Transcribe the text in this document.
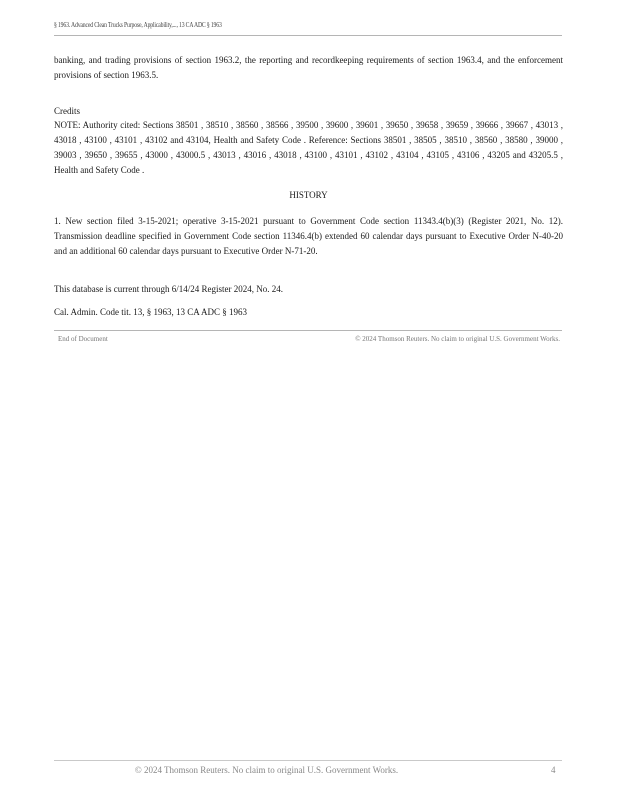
§ 1963. Advanced Clean Trucks Purpose, Applicability,..., 13 CA ADC § 1963

banking, and trading provisions of section 1963.2, the reporting and recordkeeping requirements of section 1963.4, and the enforcement provisions of section 1963.5.

Credits

NOTE: Authority cited: Sections 38501 , 38510 , 38560 , 38566 , 39500 , 39600 , 39601 , 39650 , 39658 , 39659 , 39666 , 39667 , 43013 , 43018 , 43100 , 43101 , 43102 and 43104, Health and Safety Code . Reference: Sections 38501 , 38505 , 38510 , 38560 , 38580 , 39000 , 39003 , 39650 , 39655 , 43000 , 43000.5 , 43013 , 43016 , 43018 , 43100 , 43101 , 43102 , 43104 , 43105 , 43106 , 43205 and 43205.5 , Health and Safety Code .

HISTORY

1. New section filed 3-15-2021; operative 3-15-2021 pursuant to Government Code section 11343.4(b)(3) (Register 2021, No. 12). Transmission deadline specified in Government Code section 11346.4(b) extended 60 calendar days pursuant to Executive Order N-40-20 and an additional 60 calendar days pursuant to Executive Order N-71-20.

This database is current through 6/14/24 Register 2024, No. 24.

Cal. Admin. Code tit. 13, § 1963, 13 CA ADC § 1963

End of Document	© 2024 Thomson Reuters. No claim to original U.S. Government Works.
© 2024 Thomson Reuters. No claim to original U.S. Government Works.	4
